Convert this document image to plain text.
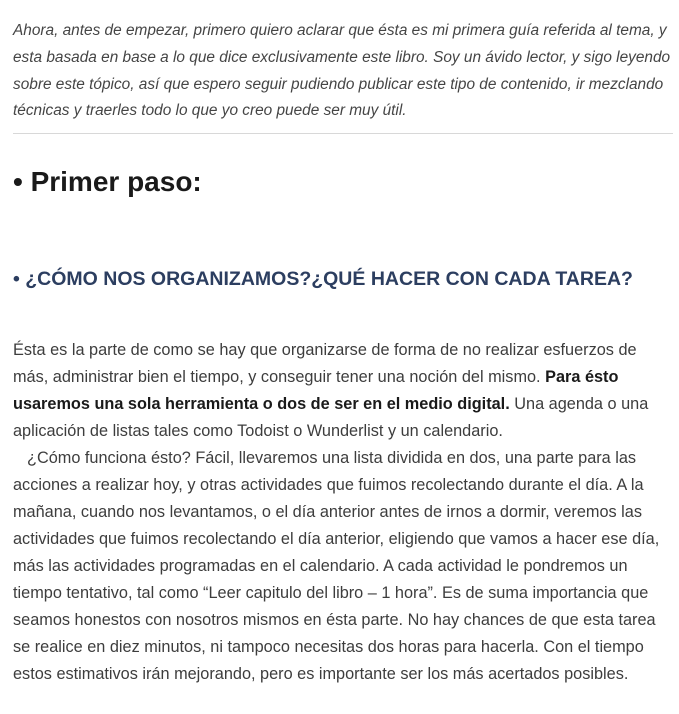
Ahora, antes de empezar, primero quiero aclarar que ésta es mi primera guía referida al tema, y esta basada en base a lo que dice exclusivamente este libro. Soy un ávido lector, y sigo leyendo sobre este tópico, así que espero seguir pudiendo publicar este tipo de contenido, ir mezclando técnicas y traerles todo lo que yo creo puede ser muy útil.

• Primer paso:
• ¿CÓMO NOS ORGANIZAMOS?¿QUÉ HACER CON CADA TAREA?

Ésta es la parte de como se hay que organizarse de forma de no realizar esfuerzos de más, administrar bien el tiempo, y conseguir tener una noción del mismo. Para ésto usaremos una sola herramienta o dos de ser en el medio digital. Una agenda o una aplicación de listas tales como Todoist o Wunderlist y un calendario.
¿Cómo funciona ésto? Fácil, llevaremos una lista dividida en dos, una parte para las acciones a realizar hoy, y otras actividades que fuimos recolectando durante el día. A la mañana, cuando nos levantamos, o el día anterior antes de irnos a dormir, veremos las actividades que fuimos recolectando el día anterior, eligiendo que vamos a hacer ese día, más las actividades programadas en el calendario. A cada actividad le pondremos un tiempo tentativo, tal como “Leer capitulo del libro – 1 hora”. Es de suma importancia que seamos honestos con nosotros mismos en ésta parte. No hay chances de que esta tarea se realice en diez minutos, ni tampoco necesitas dos horas para hacerla. Con el tiempo estos estimativos irán mejorando, pero es importante ser los más acertados posibles.
